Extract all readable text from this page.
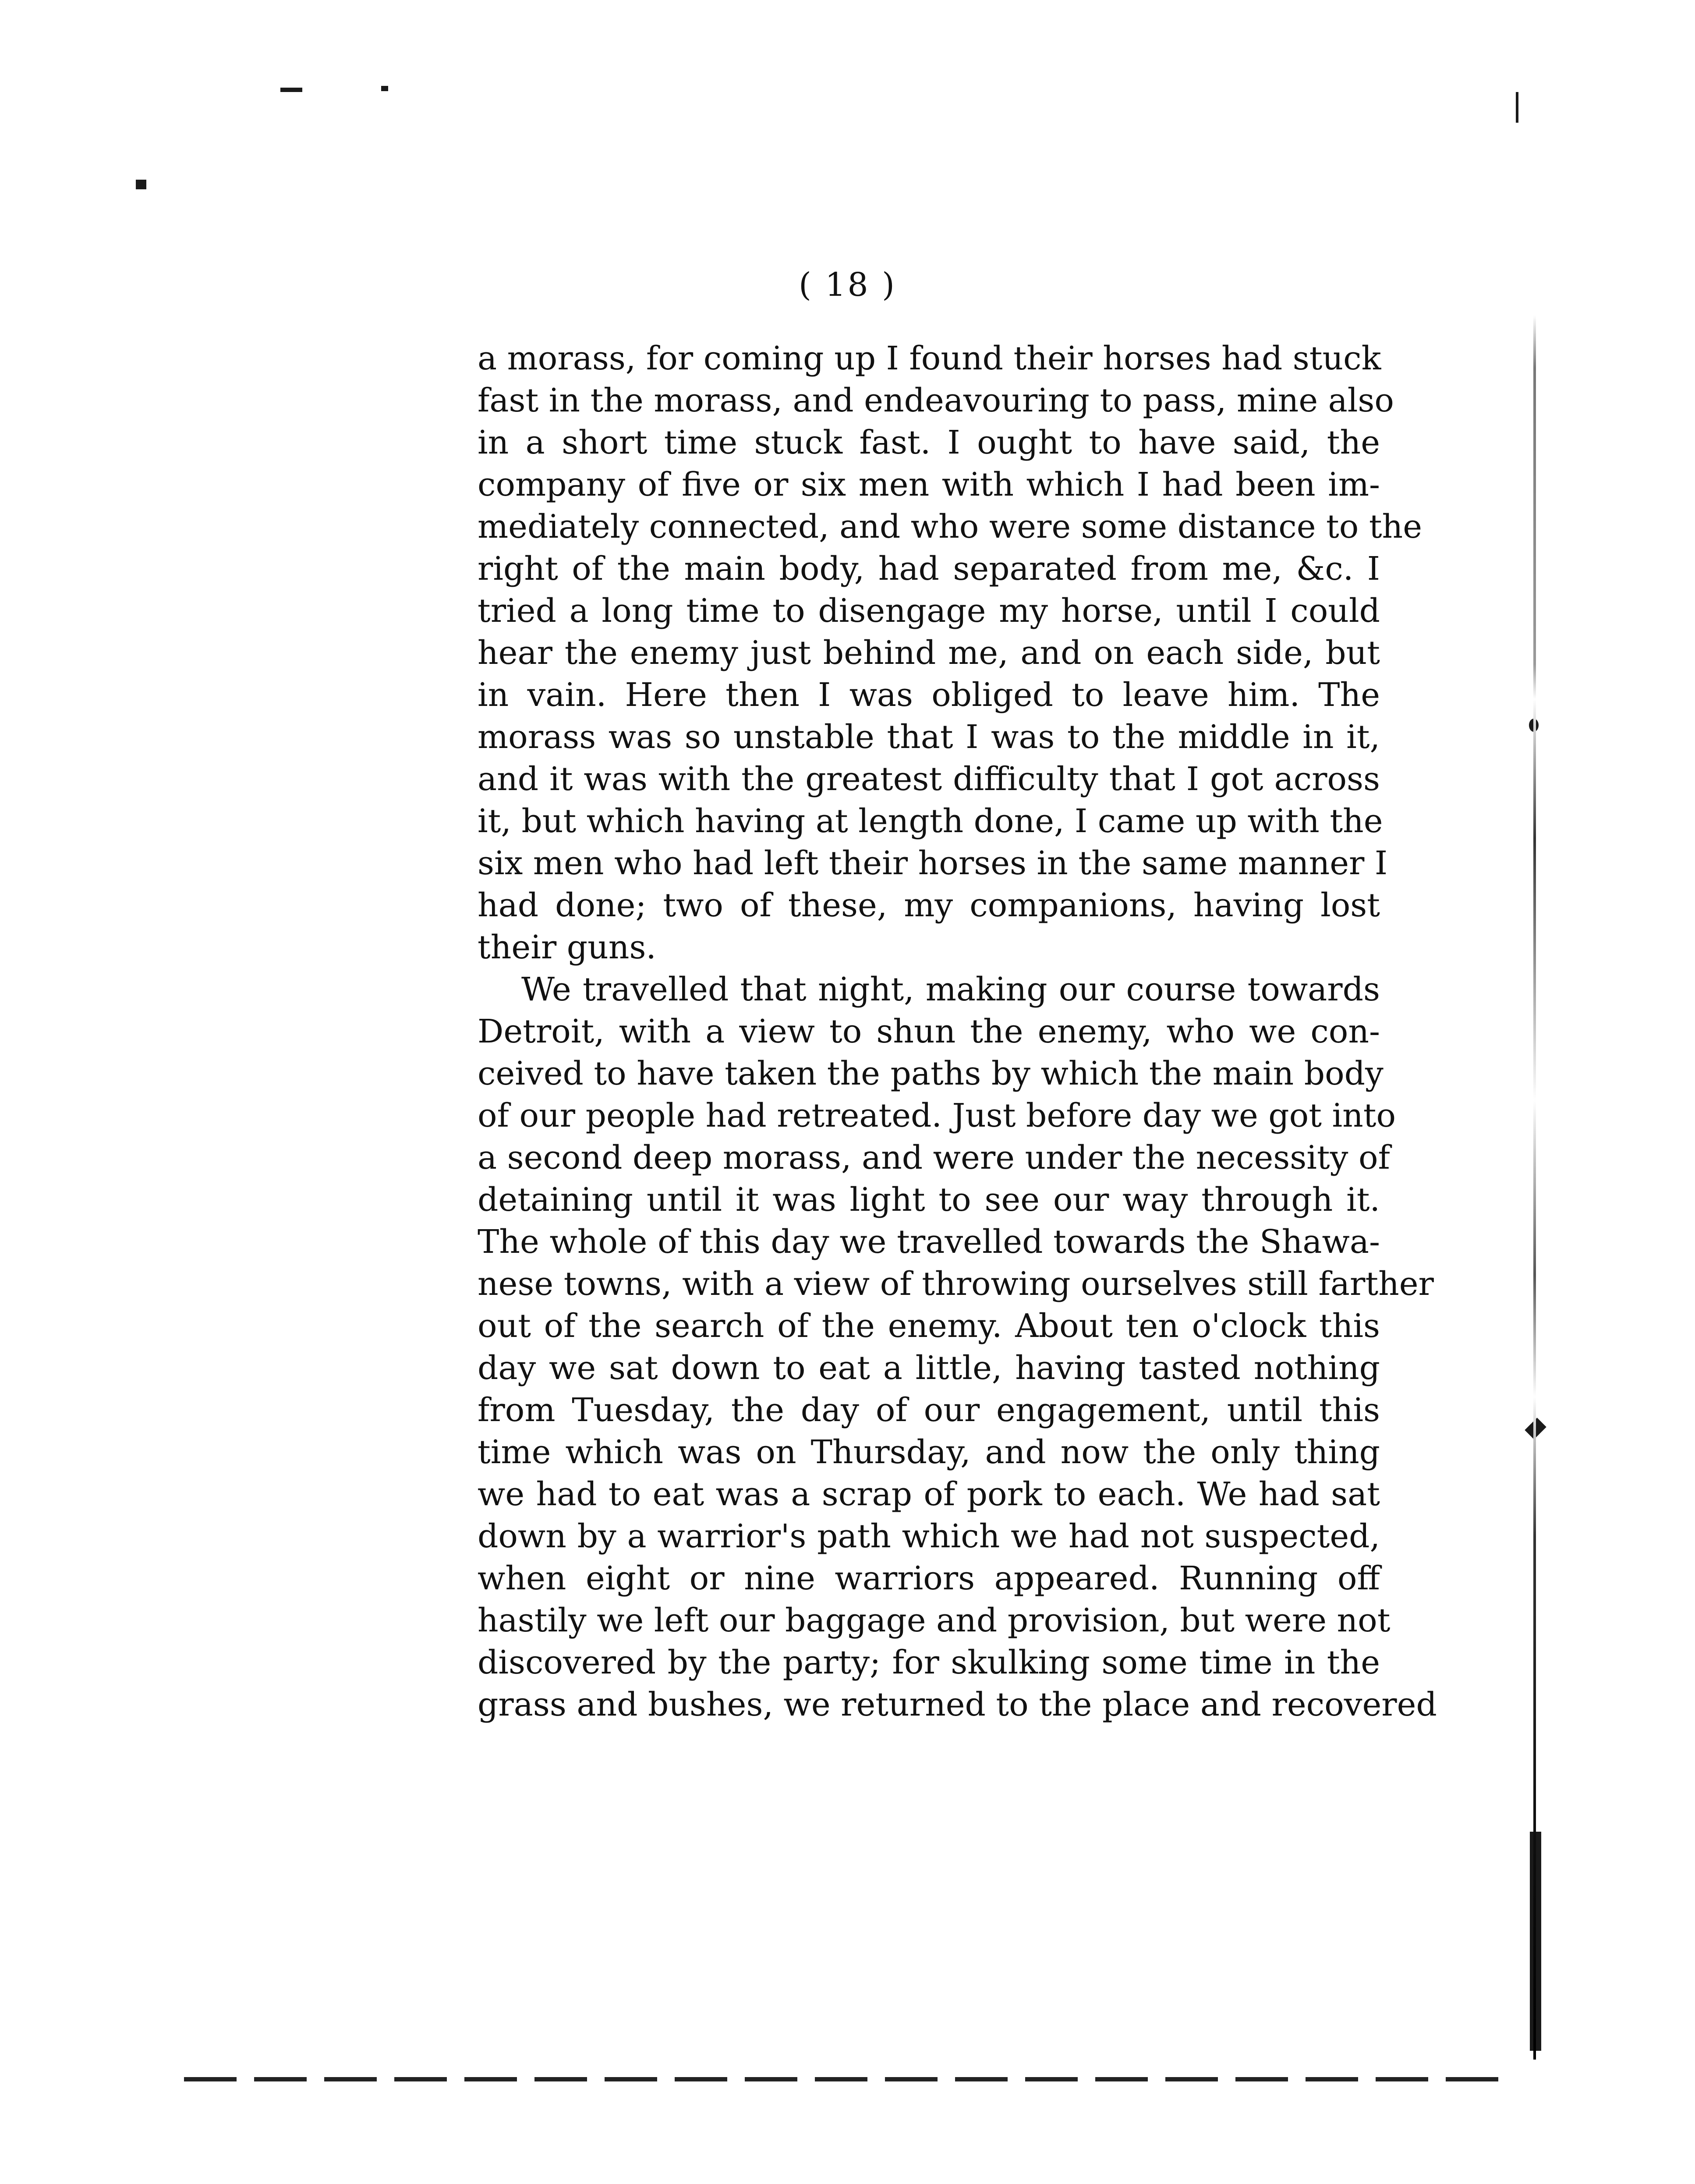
( 18 )
a morass, for coming up I found their horses had stuck
fast in the morass, and endeavouring to pass, mine also
in a short time stuck fast. I ought to have said, the
company of five or six men with which I had been im-
mediately connected, and who were some distance to the
right of the main body, had separated from me, &c. I
tried a long time to disengage my horse, until I could
hear the enemy just behind me, and on each side, but
in vain. Here then I was obliged to leave him. The
morass was so unstable that I was to the middle in it,
and it was with the greatest difficulty that I got across
it, but which having at length done, I came up with the
six men who had left their horses in the same manner I
had done; two of these, my companions, having lost
their guns.
We travelled that night, making our course towards
Detroit, with a view to shun the enemy, who we con-
ceived to have taken the paths by which the main body
of our people had retreated. Just before day we got into
a second deep morass, and were under the necessity of
detaining until it was light to see our way through it.
The whole of this day we travelled towards the Shawa-
nese towns, with a view of throwing ourselves still farther
out of the search of the enemy. About ten o'clock this
day we sat down to eat a little, having tasted nothing
from Tuesday, the day of our engagement, until this
time which was on Thursday, and now the only thing
we had to eat was a scrap of pork to each. We had sat
down by a warrior's path which we had not suspected,
when eight or nine warriors appeared. Running off
hastily we left our baggage and provision, but were not
discovered by the party; for skulking some time in the
grass and bushes, we returned to the place and recovered
